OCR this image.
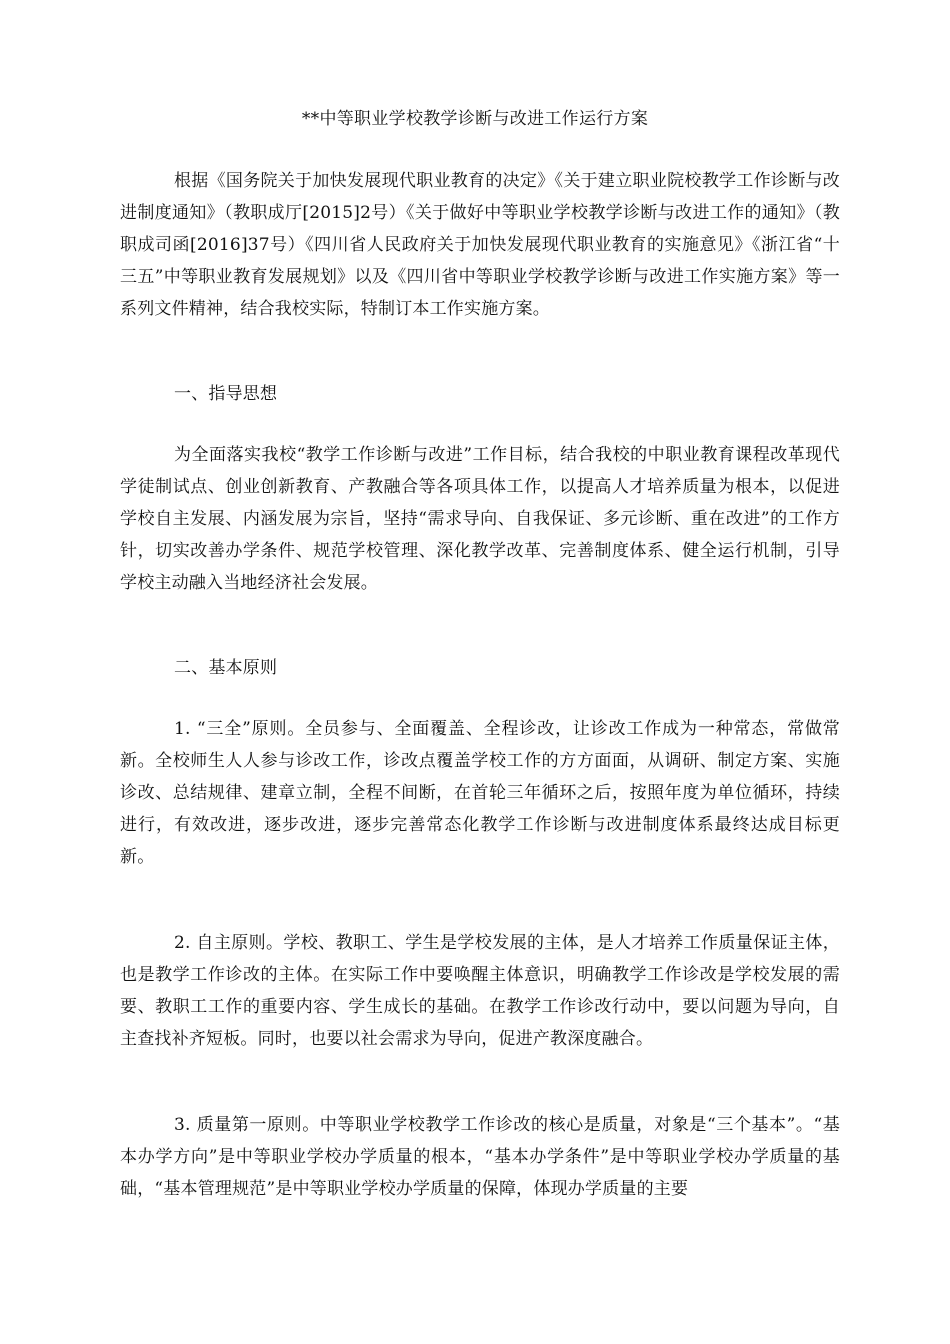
**中等职业学校教学诊断与改进工作运行方案

根据《国务院关于加快发展现代职业教育的决定》《关于建立职业院校教学工作诊断与改进制度通知》（教职成厅[2015]2号）《关于做好中等职业学校教学诊断与改进工作的通知》（教职成司函[2016]37号）《四川省人民政府关于加快发展现代职业教育的实施意见》《浙江省“十三五”中等职业教育发展规划》以及《四川省中等职业学校教学诊断与改进工作实施方案》等一系列文件精神，结合我校实际，特制订本工作实施方案。

一、指导思想

为全面落实我校“教学工作诊断与改进”工作目标，结合我校的中职业教育课程改革现代学徒制试点、创业创新教育、产教融合等各项具体工作，以提高人才培养质量为根本，以促进学校自主发展、内涵发展为宗旨，坚持“需求导向、自我保证、多元诊断、重在改进”的工作方针，切实改善办学条件、规范学校管理、深化教学改革、完善制度体系、健全运行机制，引导学校主动融入当地经济社会发展。

二、基本原则

1. “三全”原则。全员参与、全面覆盖、全程诊改，让诊改工作成为一种常态，常做常新。全校师生人人参与诊改工作，诊改点覆盖学校工作的方方面面，从调研、制定方案、实施诊改、总结规律、建章立制，全程不间断，在首轮三年循环之后，按照年度为单位循环，持续进行，有效改进，逐步改进，逐步完善常态化教学工作诊断与改进制度体系最终达成目标更新。

2. 自主原则。学校、教职工、学生是学校发展的主体，是人才培养工作质量保证主体，也是教学工作诊改的主体。在实际工作中要唤醒主体意识，明确教学工作诊改是学校发展的需要、教职工工作的重要内容、学生成长的基础。在教学工作诊改行动中，要以问题为导向，自主查找补齐短板。同时，也要以社会需求为导向，促进产教深度融合。

3. 质量第一原则。中等职业学校教学工作诊改的核心是质量，对象是“三个基本”。“基本办学方向”是中等职业学校办学质量的根本，“基本办学条件”是中等职业学校办学质量的基础，“基本管理规范”是中等职业学校办学质量的保障，体现办学质量的主要
